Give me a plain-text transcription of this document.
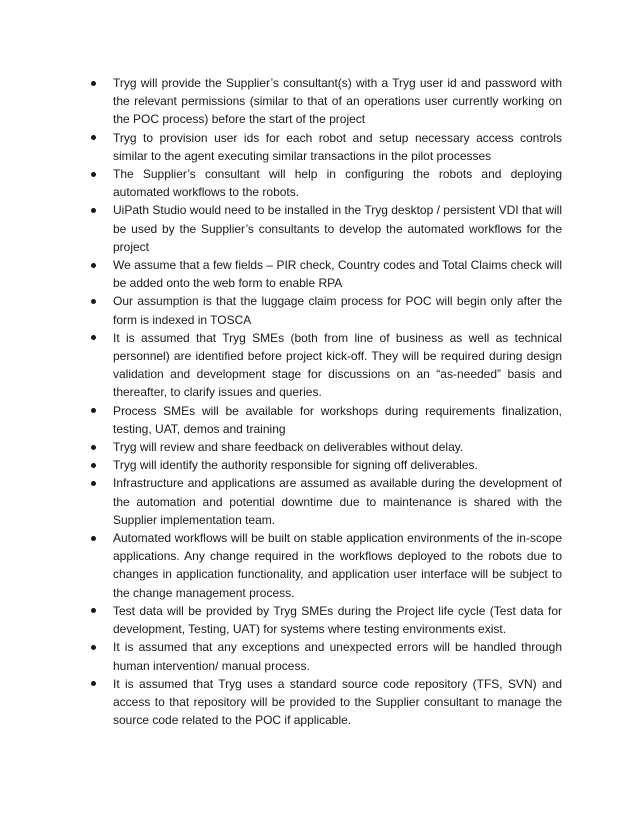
Tryg will provide the Supplier’s consultant(s) with a Tryg user id and password with the relevant permissions (similar to that of an operations user currently working on the POC process) before the start of the project
Tryg to provision user ids for each robot and setup necessary access controls similar to the agent executing similar transactions in the pilot processes
The Supplier’s consultant will help in configuring the robots and deploying automated workflows to the robots.
UiPath Studio would need to be installed in the Tryg desktop / persistent VDI that will be used by the Supplier’s consultants to develop the automated workflows for the project
We assume that a few fields – PIR check, Country codes and Total Claims check will be added onto the web form to enable RPA
Our assumption is that the luggage claim process for POC will begin only after the form is indexed in TOSCA
It is assumed that Tryg SMEs (both from line of business as well as technical personnel) are identified before project kick-off. They will be required during design validation and development stage for discussions on an “as-needed” basis and thereafter, to clarify issues and queries.
Process SMEs will be available for workshops during requirements finalization, testing, UAT, demos and training
Tryg will review and share feedback on deliverables without delay.
Tryg will identify the authority responsible for signing off deliverables.
Infrastructure and applications are assumed as available during the development of the automation and potential downtime due to maintenance is shared with the Supplier implementation team.
Automated workflows will be built on stable application environments of the in-scope applications. Any change required in the workflows deployed to the robots due to changes in application functionality, and application user interface will be subject to the change management process.
Test data will be provided by Tryg SMEs during the Project life cycle (Test data for development, Testing, UAT) for systems where testing environments exist.
It is assumed that any exceptions and unexpected errors will be handled through human intervention/ manual process.
It is assumed that Tryg uses a standard source code repository (TFS, SVN) and access to that repository will be provided to the Supplier consultant to manage the source code related to the POC if applicable.
